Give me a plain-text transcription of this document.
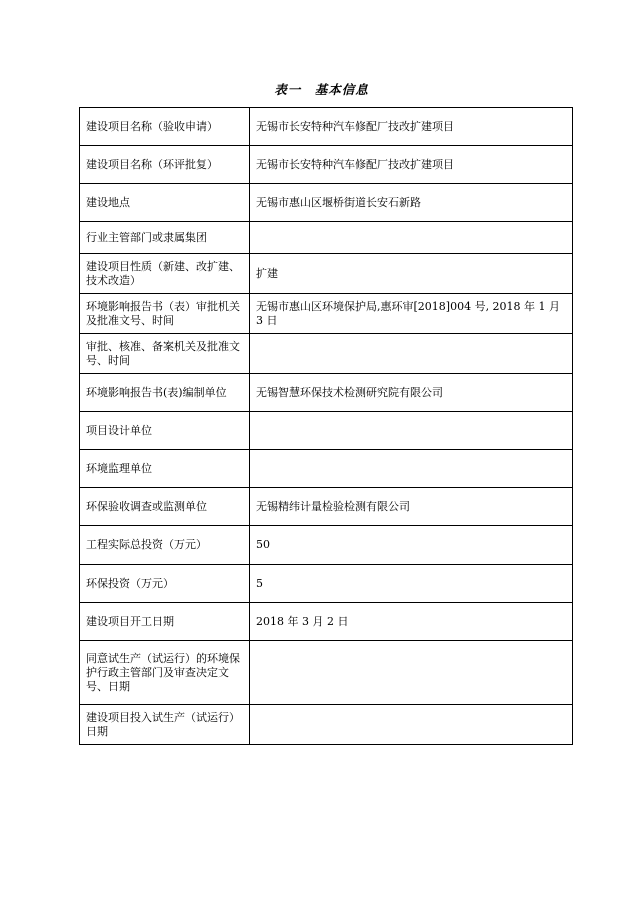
表一　基本信息
建设项目名称（验收申请）	无锡市长安特种汽车修配厂技改扩建项目
建设项目名称（环评批复）	无锡市长安特种汽车修配厂技改扩建项目
建设地点	无锡市惠山区堰桥街道长安石新路
行业主管部门或隶属集团	
建设项目性质（新建、改扩建、技术改造）	扩建
环境影响报告书（表）审批机关及批准文号、时间	无锡市惠山区环境保护局,惠环审[2018]004 号, 2018 年 1 月 3 日
审批、核准、备案机关及批准文号、时间	
环境影响报告书(表)编制单位	无锡智慧环保技术检测研究院有限公司
项目设计单位	
环境监理单位	
环保验收调查或监测单位	无锡精纬计量检验检测有限公司
工程实际总投资（万元）	50
环保投资（万元）	5
建设项目开工日期	2018 年 3 月 2 日
同意试生产（试运行）的环境保护行政主管部门及审查决定文号、日期	
建设项目投入试生产（试运行）日期	
